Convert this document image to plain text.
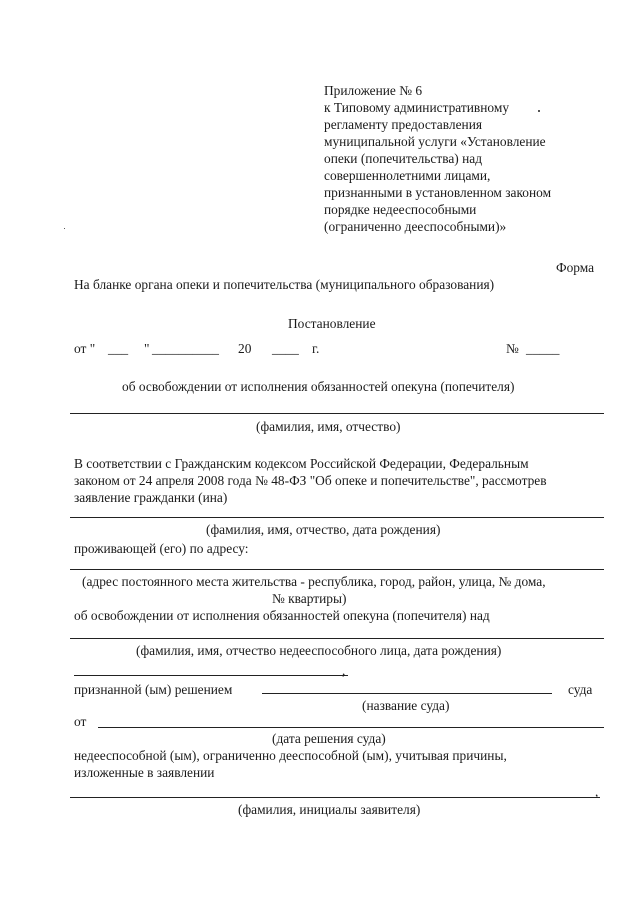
Приложение № 6
к Типовому административному
регламенту предоставления
муниципальной услуги «Установление
опеки (попечительства) над
совершеннолетними лицами,
признанными в установленном законом
порядке недееспособными
(ограниченно дееспособными)»
Форма
На бланке органа опеки и попечительства (муниципального образования)
Постановление
от " ___ " __________ 20 ____ г.	№ _____
об освобождении от исполнения обязанностей опекуна (попечителя)
(фамилия, имя, отчество)
В соответствии с Гражданским кодексом Российской Федерации, Федеральным
законом от 24 апреля 2008 года № 48-ФЗ "Об опеке и попечительстве", рассмотрев
заявление гражданки (ина)
(фамилия, имя, отчество, дата рождения)
проживающей (его) по адресу:
(адрес постоянного места жительства - республика, город, район, улица, № дома,
№ квартиры)
об освобождении от исполнения обязанностей опекуна (попечителя) над
(фамилия, имя, отчество недееспособного лица, дата рождения)
,
признанной (ым) решением	суда
(название суда)
от
(дата решения суда)
недееспособной (ым), ограниченно дееспособной (ым), учитывая причины,
изложенные в заявлении
,
(фамилия, инициалы заявителя)
